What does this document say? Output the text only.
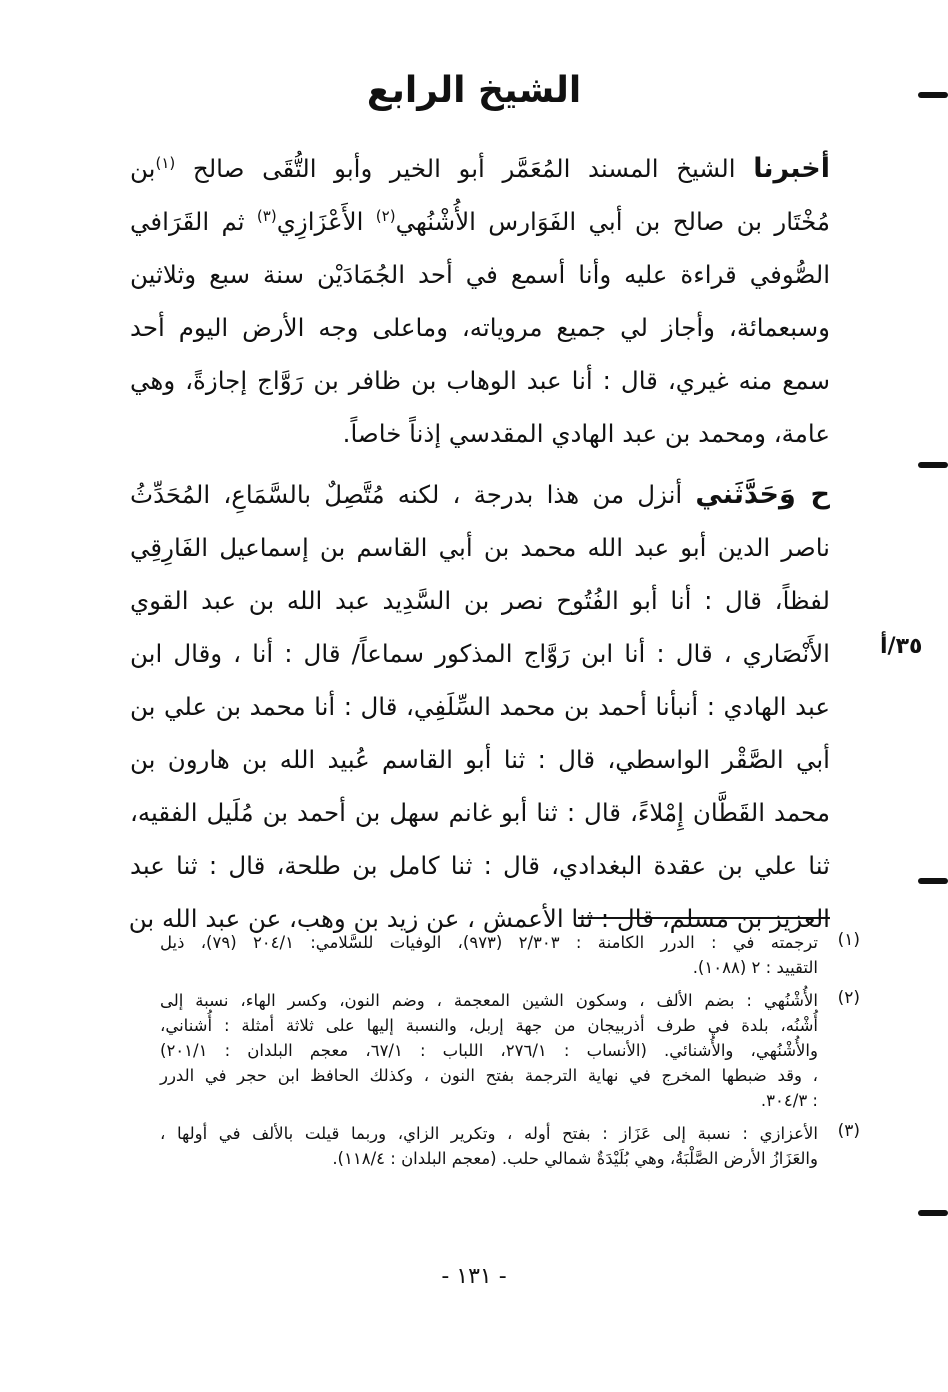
الشيخ الرابع
أخبرنا الشيخ المسند المُعَمَّر أبو الخير وأبو التُّقَى صالح $^{(١)}$بن
مُخْتَار بن صالح بن أبي الفَوَارس الأُشْنُهي$^{(٢)}$ الأَعْزَازِي$^{(٣)}$ ثم القَرَافي
الصُّوفي قراءة عليه وأنا أسمع في أحد الجُمَادَيْن سنة سبع وثلاثين
وسبعمائة، وأجاز لي جميع مروياته، وماعلى وجه الأرض اليوم أحد
سمع منه غيري، قال : أنا عبد الوهاب بن ظافر بن رَوَّاج إجازةً، وهي
عامة، ومحمد بن عبد الهادي المقدسي إذناً خاصاً.
ح وَحَدَّثَني أنزل من هذا بدرجة ، لكنه مُتَّصِلٌ بالسَّمَاعِ، المُحَدِّثُ
ناصر الدين أبو عبد الله محمد بن أبي القاسم بن إسماعيل الفَارِقِي
لفظاً، قال : أنا أبو الفُتُوح نصر بن السَّدِيد عبد الله بن عبد القوي
الأَنْصَاري ، قال : أنا ابن رَوَّاج المذكور سماعاً/ قال : أنا ، وقال ابن
عبد الهادي : أنبأنا أحمد بن محمد السِّلَفِي، قال : أنا محمد بن علي بن
أبي الصَّقْر الواسطي، قال : ثنا أبو القاسم عُبيد الله بن هارون بن
محمد القَطَّان إِمْلاءً، قال : ثنا أبو غانم سهل بن أحمد بن مُلَيل الفقيه،
ثنا علي بن عقدة البغدادي، قال : ثنا كامل بن طلحة، قال : ثنا عبد
العزيز بن مسلم، قال : ثنا الأعمش ، عن زيد بن وهب، عن عبد الله بن
٣٥/أ
(١)
ترجمته في : الدرر الكامنة : ٢/٣٠٣ (٩٧٣)، الوفيات للسَّلامي: ٢٠٤/١ (٧٩)، ذيل
التقييد : ٢ (١٠٨٨).
(٢)
الأُشْنُهي : بضم الألف ، وسكون الشين المعجمة ، وضم النون، وكسر الهاء، نسبة إلى
أُشْنُه، بلدة في طرف أذربيجان من جهة إربل، والنسبة إليها على ثلاثة أمثلة : أُشناني،
والأُشْنُهي، والأُشنائي. (الأنساب : ٢٧٦/١، اللباب : ٦٧/١، معجم البلدان : ٢٠١/١)
، وقد ضبطها المخرج في نهاية الترجمة بفتح النون ، وكذلك الحافظ ابن حجر في الدرر
: ٣٠٤/٣.
(٣)
الأعزازي : نسبة إلى عَزَاز : بفتح أوله ، وتكرير الزاي، وربما قيلت بالألف في أولها ،
والعَزَازُ الأرض الصَّلْبَةُ، وهي بُلَيْدَةٌ شمالي حلب. (معجم البلدان : ١١٨/٤).
- ١٣١ -
